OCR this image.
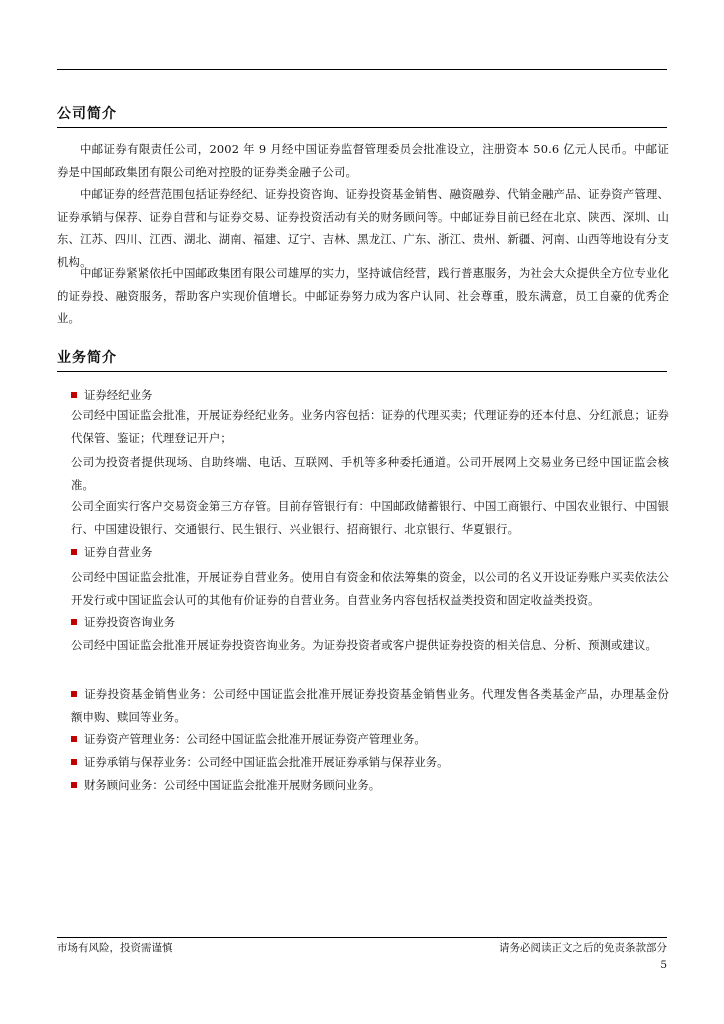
公司简介
中邮证券有限责任公司，2002 年 9 月经中国证券监督管理委员会批准设立，注册资本 50.6 亿元人民币。中邮证券是中国邮政集团有限公司绝对控股的证券类金融子公司。
中邮证券的经营范围包括证券经纪、证券投资咨询、证券投资基金销售、融资融券、代销金融产品、证券资产管理、证券承销与保荐、证券自营和与证券交易、证券投资活动有关的财务顾问等。中邮证券目前已经在北京、陕西、深圳、山东、江苏、四川、江西、湖北、湖南、福建、辽宁、吉林、黑龙江、广东、浙江、贵州、新疆、河南、山西等地设有分支机构。
中邮证券紧紧依托中国邮政集团有限公司雄厚的实力，坚持诚信经营，践行普惠服务，为社会大众提供全方位专业化的证券投、融资服务，帮助客户实现价值增长。中邮证券努力成为客户认同、社会尊重，股东满意，员工自豪的优秀企业。
业务简介
证券经纪业务
公司经中国证监会批准，开展证券经纪业务。业务内容包括：证券的代理买卖；代理证券的还本付息、分红派息；证券代保管、鉴证；代理登记开户；
公司为投资者提供现场、自助终端、电话、互联网、手机等多种委托通道。公司开展网上交易业务已经中国证监会核准。
公司全面实行客户交易资金第三方存管。目前存管银行有：中国邮政储蓄银行、中国工商银行、中国农业银行、中国银行、中国建设银行、交通银行、民生银行、兴业银行、招商银行、北京银行、华夏银行。
证券自营业务
公司经中国证监会批准，开展证券自营业务。使用自有资金和依法筹集的资金，以公司的名义开设证券账户买卖依法公开发行或中国证监会认可的其他有价证券的自营业务。自营业务内容包括权益类投资和固定收益类投资。
证券投资咨询业务
公司经中国证监会批准开展证券投资咨询业务。为证券投资者或客户提供证券投资的相关信息、分析、预测或建议。
证券投资基金销售业务：公司经中国证监会批准开展证券投资基金销售业务。代理发售各类基金产品，办理基金份额申购、赎回等业务。
证券资产管理业务：公司经中国证监会批准开展证券资产管理业务。
证券承销与保荐业务：公司经中国证监会批准开展证券承销与保荐业务。
财务顾问业务：公司经中国证监会批准开展财务顾问业务。
市场有风险，投资需谨慎	请务必阅读正文之后的免责条款部分
5
